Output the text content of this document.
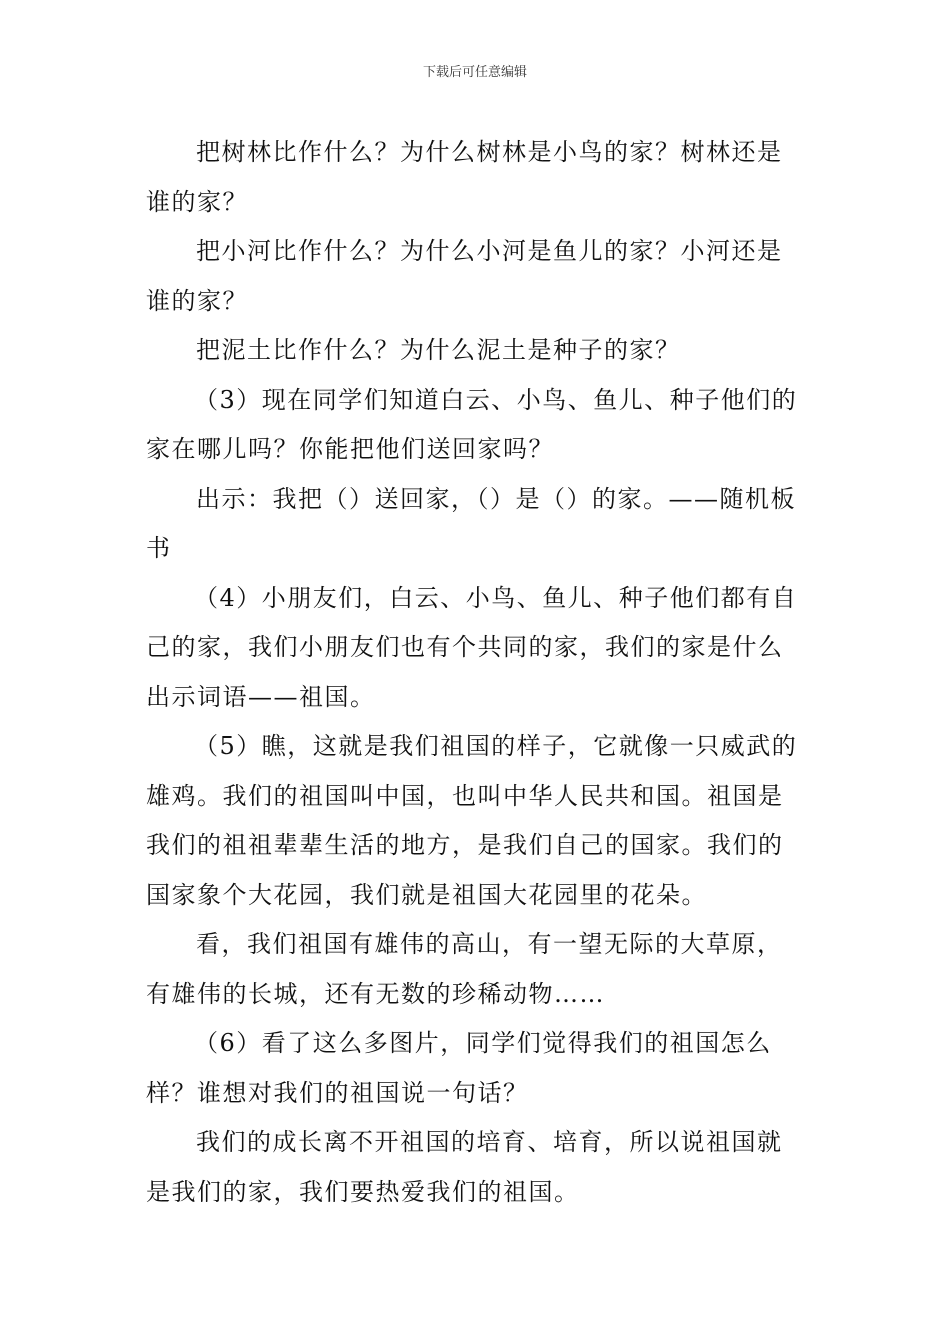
下载后可任意编辑

把树林比作什么？为什么树林是小鸟的家？树林还是谁的家？

把小河比作什么？为什么小河是鱼儿的家？小河还是谁的家？

把泥土比作什么？为什么泥土是种子的家？

（3）现在同学们知道白云、小鸟、鱼儿、种子他们的家在哪儿吗？你能把他们送回家吗？

出示：我把（）送回家，（）是（）的家。——随机板书

（4）小朋友们，白云、小鸟、鱼儿、种子他们都有自己的家，我们小朋友们也有个共同的家，我们的家是什么出示词语——祖国。

（5）瞧，这就是我们祖国的样子，它就像一只威武的雄鸡。我们的祖国叫中国，也叫中华人民共和国。祖国是我们的祖祖辈辈生活的地方，是我们自己的国家。我们的国家象个大花园，我们就是祖国大花园里的花朵。

看，我们祖国有雄伟的高山，有一望无际的大草原，有雄伟的长城，还有无数的珍稀动物……

（6）看了这么多图片，同学们觉得我们的祖国怎么样？谁想对我们的祖国说一句话？

我们的成长离不开祖国的培育、培育，所以说祖国就是我们的家，我们要热爱我们的祖国。
